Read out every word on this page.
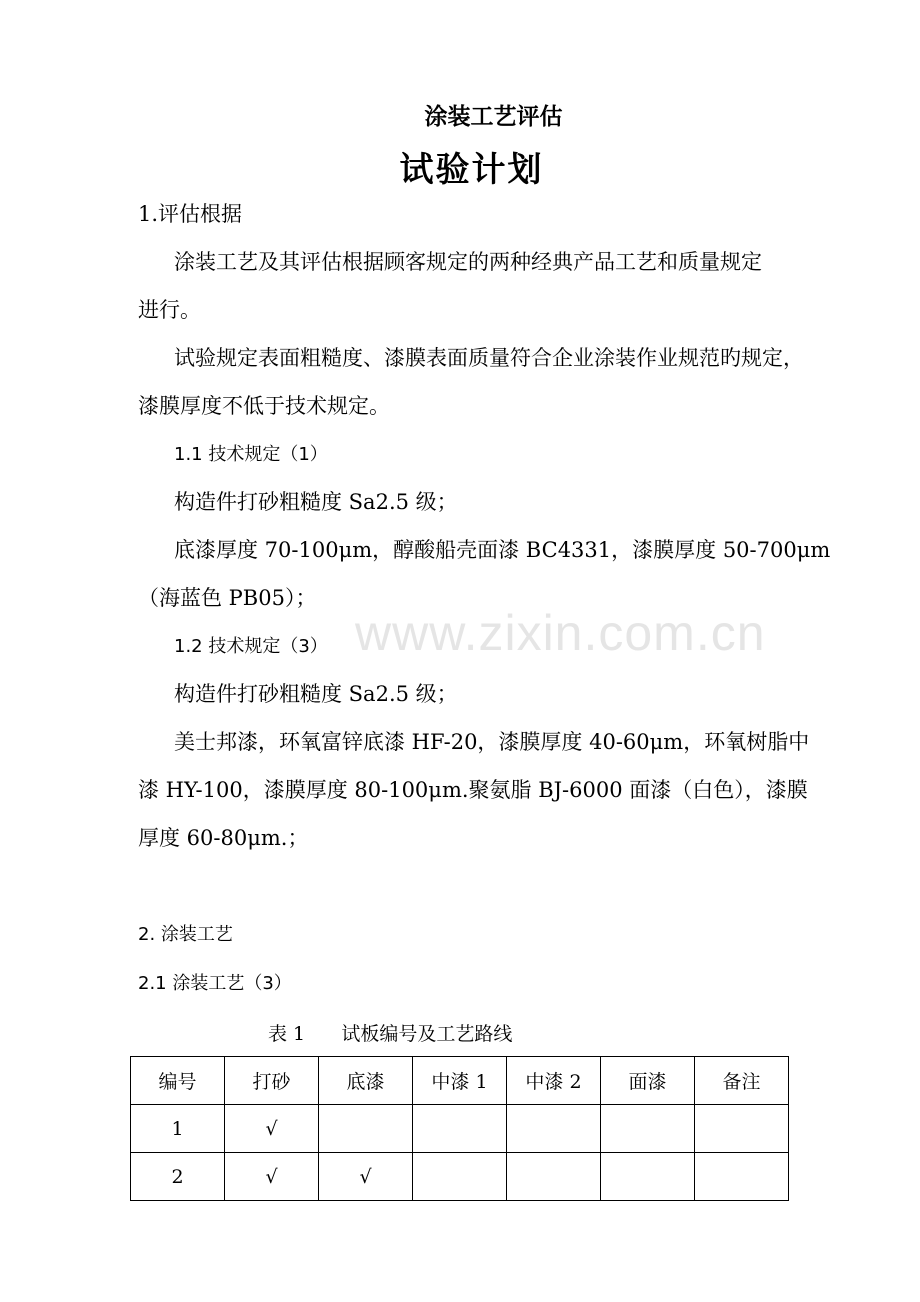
涂装工艺评估
试验计划
1.评估根据
涂装工艺及其评估根据顾客规定的两种经典产品工艺和质量规定
进行。
试验规定表面粗糙度、漆膜表面质量符合企业涂装作业规范旳规定，
漆膜厚度不低于技术规定。
1.1 技术规定（1）
构造件打砂粗糙度 Sa2.5 级；
底漆厚度 70-100μm，醇酸船壳面漆 BC4331，漆膜厚度 50-700μm
（海蓝色 PB05）；
www.zixin.com.cn
1.2 技术规定（3）
构造件打砂粗糙度 Sa2.5 级；
美士邦漆，环氧富锌底漆 HF-20，漆膜厚度 40-60μm，环氧树脂中
漆 HY-100，漆膜厚度 80-100μm.聚氨脂 BJ-6000 面漆（白色），漆膜
厚度 60-80μm.；
2. 涂装工艺
2.1 涂装工艺（3）
表 1      试板编号及工艺路线
编号	打砂	底漆	中漆 1	中漆 2	面漆	备注
1	√					
2	√	√				
